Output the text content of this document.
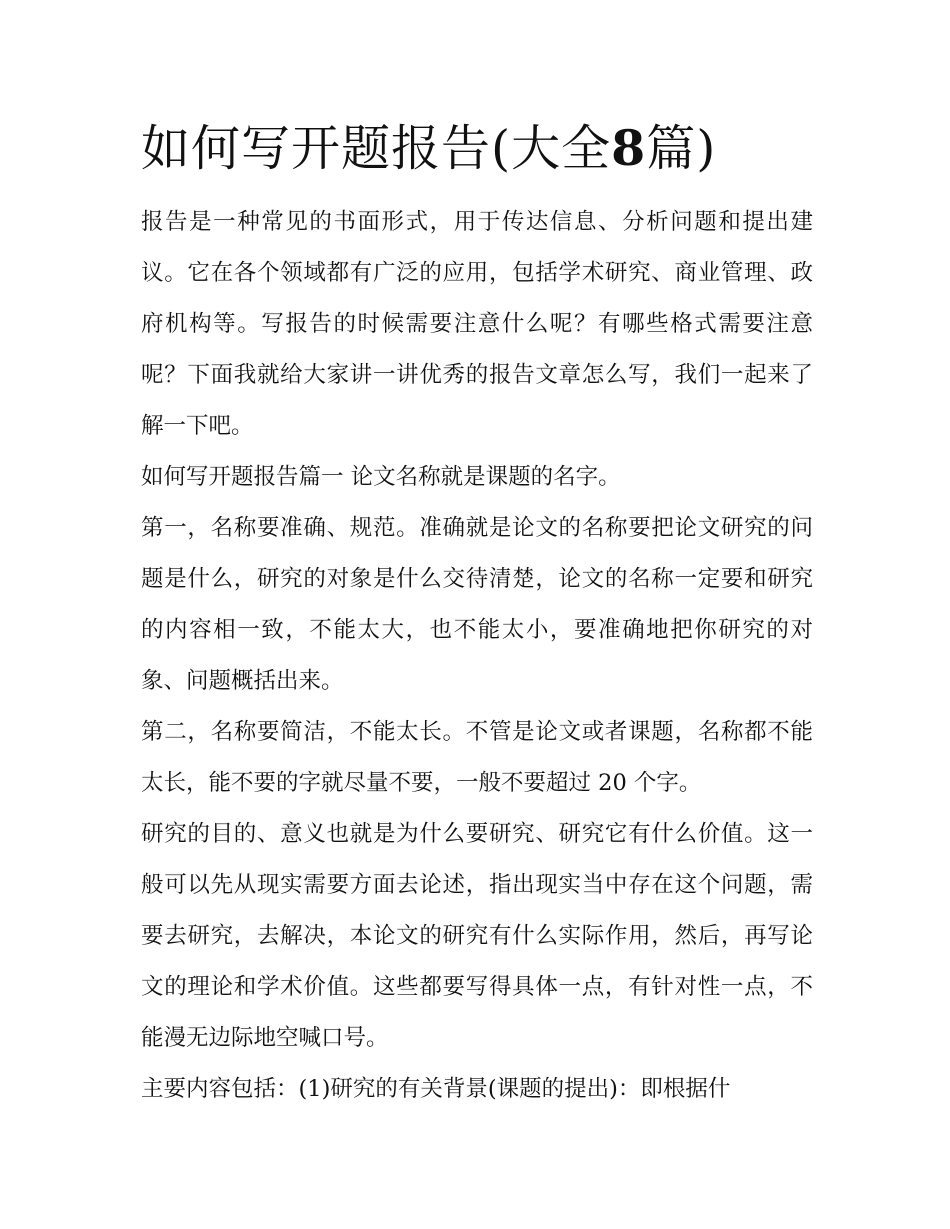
如何写开题报告(大全8篇)

报告是一种常见的书面形式，用于传达信息、分析问题和提出建议。它在各个领域都有广泛的应用，包括学术研究、商业管理、政府机构等。写报告的时候需要注意什么呢？有哪些格式需要注意呢？下面我就给大家讲一讲优秀的报告文章怎么写，我们一起来了解一下吧。

如何写开题报告篇一 论文名称就是课题的名字。

第一，名称要准确、规范。准确就是论文的名称要把论文研究的问题是什么，研究的对象是什么交待清楚，论文的名称一定要和研究的内容相一致，不能太大，也不能太小，要准确地把你研究的对象、问题概括出来。

第二，名称要简洁，不能太长。不管是论文或者课题，名称都不能太长，能不要的字就尽量不要，一般不要超过 20 个字。

研究的目的、意义也就是为什么要研究、研究它有什么价值。这一般可以先从现实需要方面去论述，指出现实当中存在这个问题，需要去研究，去解决，本论文的研究有什么实际作用，然后，再写论文的理论和学术价值。这些都要写得具体一点，有针对性一点，不能漫无边际地空喊口号。

主要内容包括：(1)研究的有关背景(课题的提出)：即根据什
